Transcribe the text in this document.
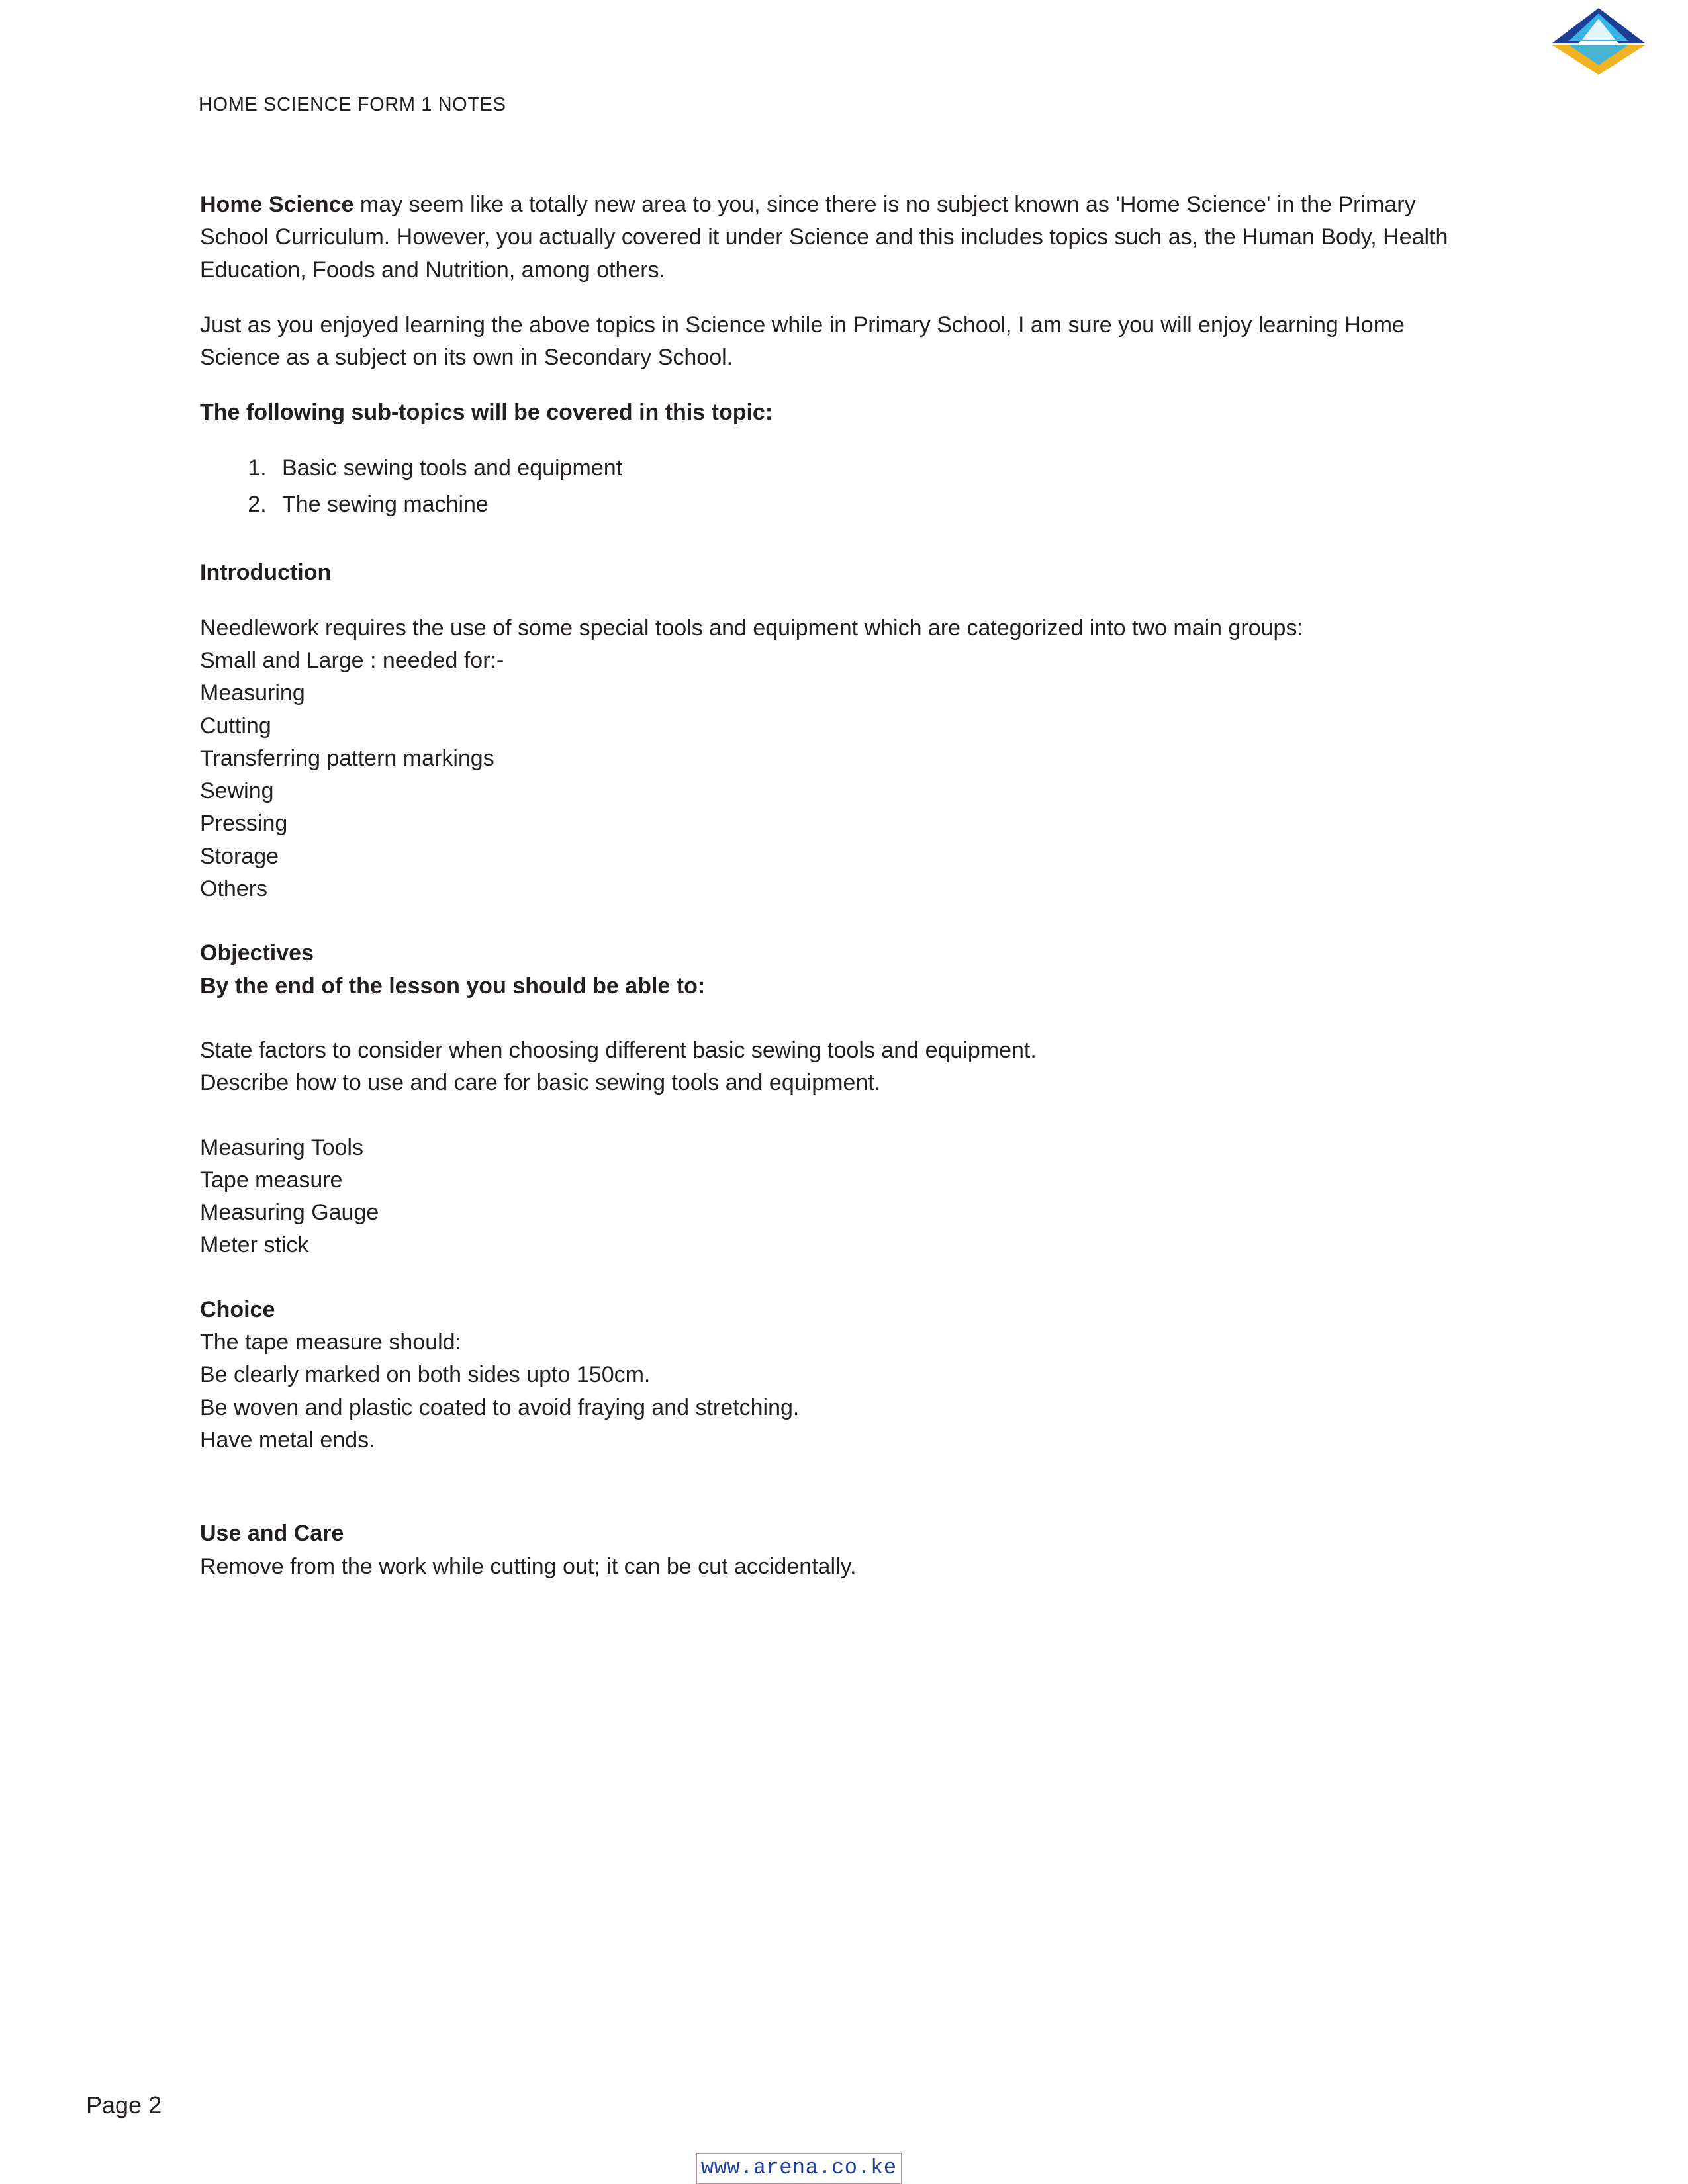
HOME SCIENCE FORM 1 NOTES

Home Science may seem like a totally new area to you, since there is no subject known as 'Home Science' in the Primary School Curriculum. However, you actually covered it under Science and this includes topics such as, the Human Body, Health Education, Foods and Nutrition, among others.

Just as you enjoyed learning the above topics in Science while in Primary School, I am sure you will enjoy learning Home Science as a subject on its own in Secondary School.

The following sub-topics will be covered in this topic:

1. Basic sewing tools and equipment
2. The sewing machine

Introduction

Needlework requires the use of some special tools and equipment which are categorized into two main groups:

Small and Large : needed for:-

Measuring

Cutting

Transferring pattern markings

Sewing

Pressing

Storage

Others

Objectives

By the end of the lesson you should be able to:

State factors to consider when choosing different basic sewing tools and equipment.

Describe how to use and care for basic sewing tools and equipment.

Measuring Tools

Tape measure

Measuring Gauge

Meter stick

Choice

The tape measure should:

Be clearly marked on both sides upto 150cm.

Be woven and plastic coated to avoid fraying and stretching.

Have metal ends.

Use and Care

Remove from the work while cutting out; it can be cut accidentally.

Page 2
www.arena.co.ke
